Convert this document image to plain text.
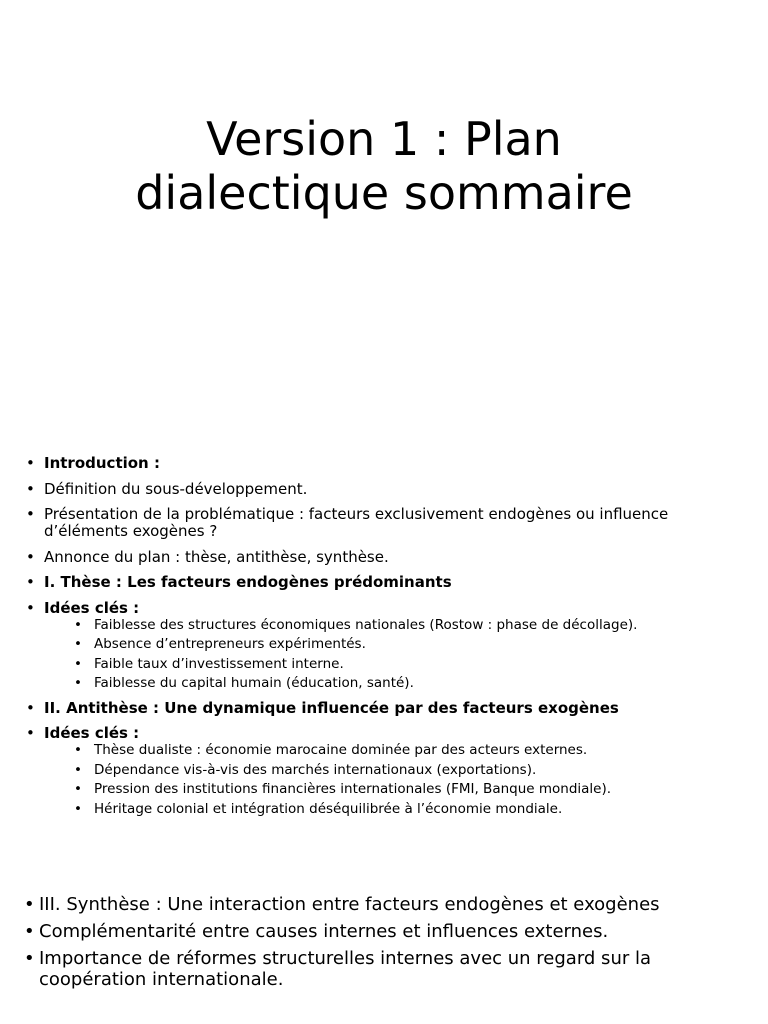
Version 1 : Plan
dialectique sommaire
• Introduction :
• Définition du sous-développement.
• Présentation de la problématique : facteurs exclusivement endogènes ou influence d’éléments exogènes ?
• Annonce du plan : thèse, antithèse, synthèse.
• I. Thèse : Les facteurs endogènes prédominants
• Idées clés :
• Faiblesse des structures économiques nationales (Rostow : phase de décollage).
• Absence d’entrepreneurs expérimentés.
• Faible taux d’investissement interne.
• Faiblesse du capital humain (éducation, santé).
• II. Antithèse : Une dynamique influencée par des facteurs exogènes
• Idées clés :
• Thèse dualiste : économie marocaine dominée par des acteurs externes.
• Dépendance vis-à-vis des marchés internationaux (exportations).
• Pression des institutions financières internationales (FMI, Banque mondiale).
• Héritage colonial et intégration déséquilibrée à l’économie mondiale.
• III. Synthèse : Une interaction entre facteurs endogènes et exogènes
• Complémentarité entre causes internes et influences externes.
• Importance de réformes structurelles internes avec un regard sur la coopération internationale.
